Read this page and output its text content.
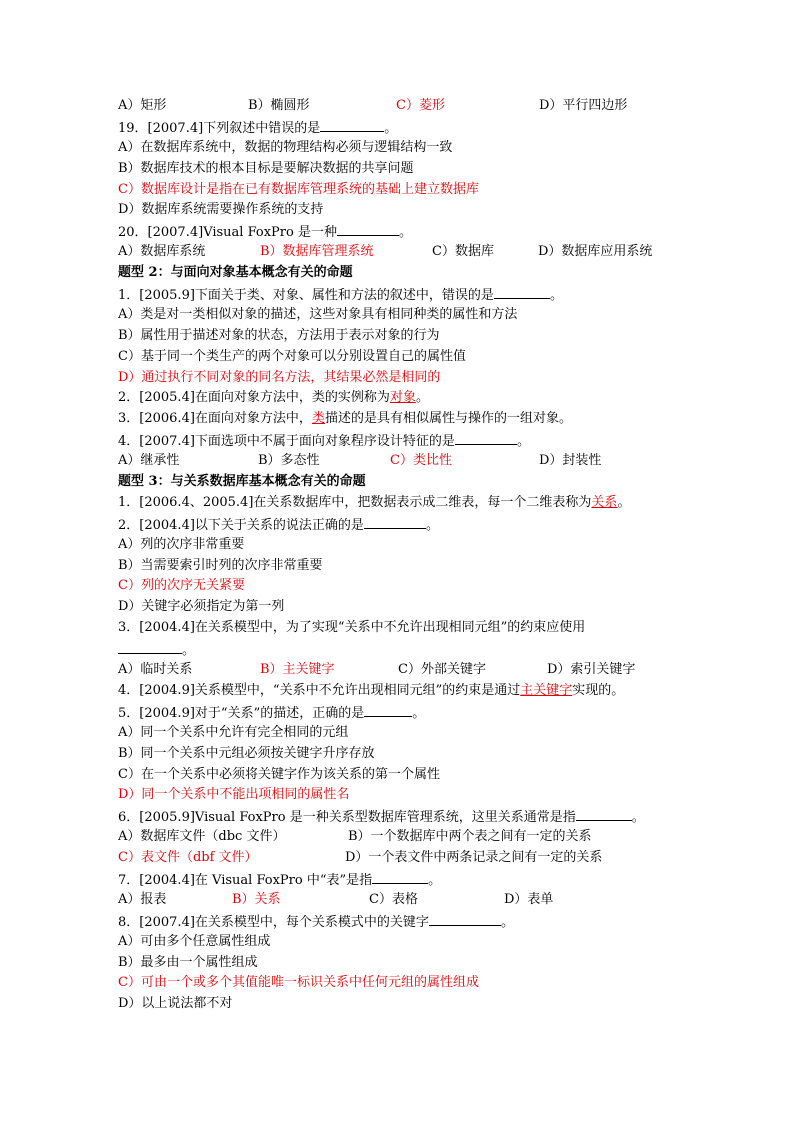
A）矩形	B）椭圆形	C）菱形	D）平行四边形
19．[2007.4]下列叙述中错误的是	。
A）在数据库系统中，数据的物理结构必须与逻辑结构一致
B）数据库技术的根本目标是要解决数据的共享问题
C）数据库设计是指在已有数据库管理系统的基础上建立数据库
D）数据库系统需要操作系统的支持
20．[2007.4]Visual FoxPro 是一种	。
A）数据库系统	B）数据库管理系统	C）数据库	D）数据库应用系统
题型 2：与面向对象基本概念有关的命题
1．[2005.9]下面关于类、对象、属性和方法的叙述中，错误的是	。
A）类是对一类相似对象的描述，这些对象具有相同种类的属性和方法
B）属性用于描述对象的状态，方法用于表示对象的行为
C）基于同一个类生产的两个对象可以分别设置自己的属性值
D）通过执行不同对象的同名方法，其结果必然是相同的
2．[2005.4]在面向对象方法中，类的实例称为对象。
3．[2006.4]在面向对象方法中，类描述的是具有相似属性与操作的一组对象。
4．[2007.4]下面选项中不属于面向对象程序设计特征的是	。
A）继承性	B）多态性	C）类比性	D）封装性
题型 3：与关系数据库基本概念有关的命题
1．[2006.4、2005.4]在关系数据库中，把数据表示成二维表，每一个二维表称为关系。
2．[2004.4]以下关于关系的说法正确的是	。
A）列的次序非常重要
B）当需要索引时列的次序非常重要
C）列的次序无关紧要
D）关键字必须指定为第一列
3．[2004.4]在关系模型中，为了实现“关系中不允许出现相同元组”的约束应使用
。
A）临时关系	B）主关键字	C）外部关键字	D）索引关键字
4．[2004.9]关系模型中，“关系中不允许出现相同元组”的约束是通过主关键字实现的。
5．[2004.9]对于“关系”的描述，正确的是	。
A）同一个关系中允许有完全相同的元组
B）同一个关系中元组必须按关键字升序存放
C）在一个关系中必须将关键字作为该关系的第一个属性
D）同一个关系中不能出项相同的属性名
6．[2005.9]Visual FoxPro 是一种关系型数据库管理系统，这里关系通常是指	。
A）数据库文件（dbc 文件）	B）一个数据库中两个表之间有一定的关系
C）表文件（dbf 文件）	D）一个表文件中两条记录之间有一定的关系
7．[2004.4]在 Visual FoxPro 中“表”是指	。
A）报表	B）关系	C）表格	D）表单
8．[2007.4]在关系模型中，每个关系模式中的关键字	。
A）可由多个任意属性组成
B）最多由一个属性组成
C）可由一个或多个其值能唯一标识关系中任何元组的属性组成
D）以上说法都不对
